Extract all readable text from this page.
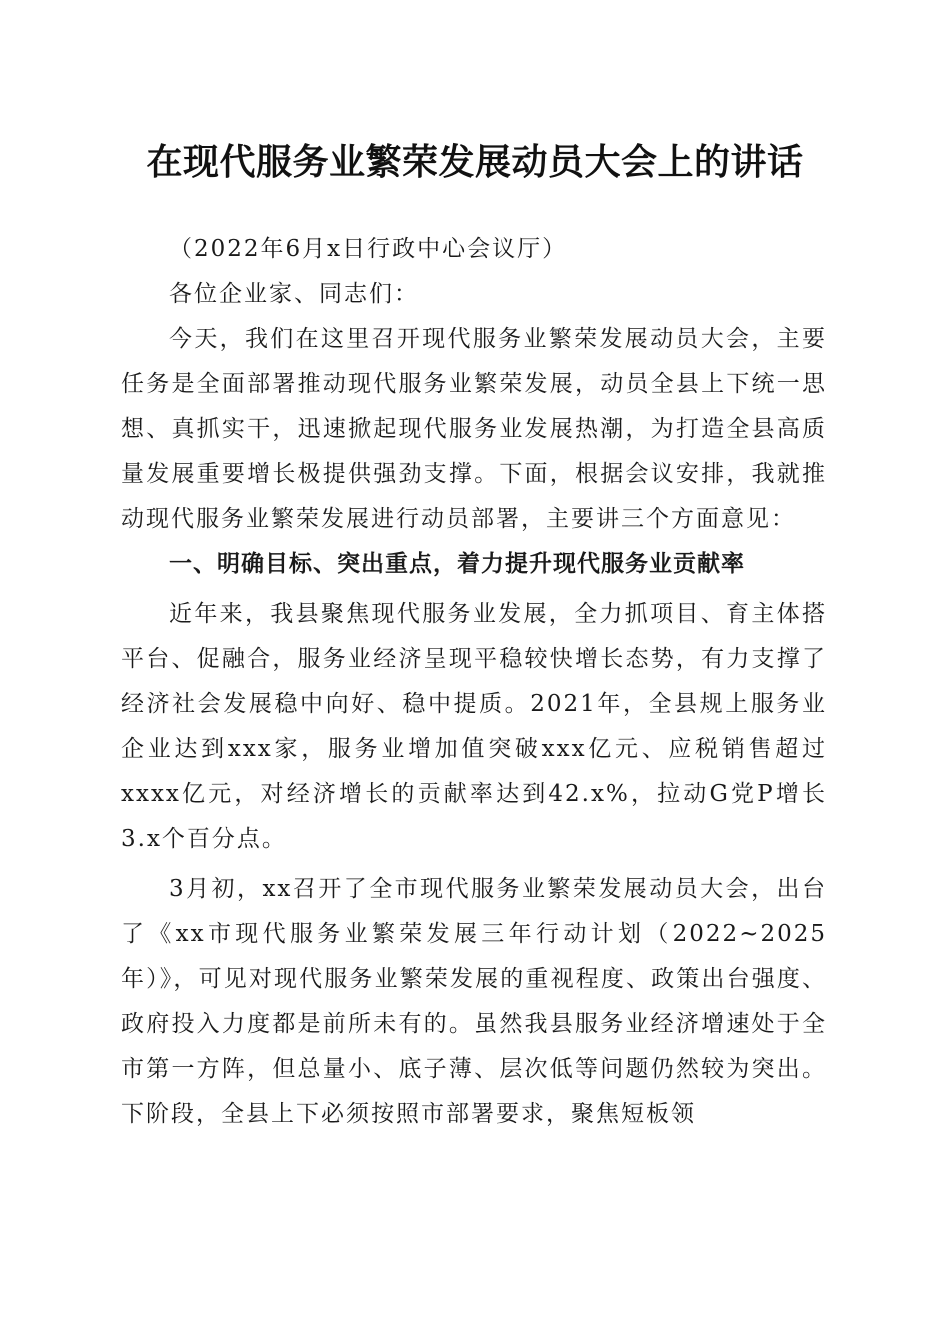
在现代服务业繁荣发展动员大会上的讲话

（2022年6月x日行政中心会议厅）

各位企业家、同志们：

今天，我们在这里召开现代服务业繁荣发展动员大会，主要任务是全面部署推动现代服务业繁荣发展，动员全县上下统一思想、真抓实干，迅速掀起现代服务业发展热潮，为打造全县高质量发展重要增长极提供强劲支撑。下面，根据会议安排，我就推动现代服务业繁荣发展进行动员部署，主要讲三个方面意见：

一、明确目标、突出重点，着力提升现代服务业贡献率

近年来，我县聚焦现代服务业发展，全力抓项目、育主体搭平台、促融合，服务业经济呈现平稳较快增长态势，有力支撑了经济社会发展稳中向好、稳中提质。2021年，全县规上服务业企业达到xxx家，服务业增加值突破xxx亿元、应税销售超过xxxx亿元，对经济增长的贡献率达到42.x%，拉动G党P增长3.x个百分点。

3月初，xx召开了全市现代服务业繁荣发展动员大会，出台了《xx市现代服务业繁荣发展三年行动计划（2022~2025年）》，可见对现代服务业繁荣发展的重视程度、政策出台强度、政府投入力度都是前所未有的。虽然我县服务业经济增速处于全市第一方阵，但总量小、底子薄、层次低等问题仍然较为突出。下阶段，全县上下必须按照市部署要求，聚焦短板领
